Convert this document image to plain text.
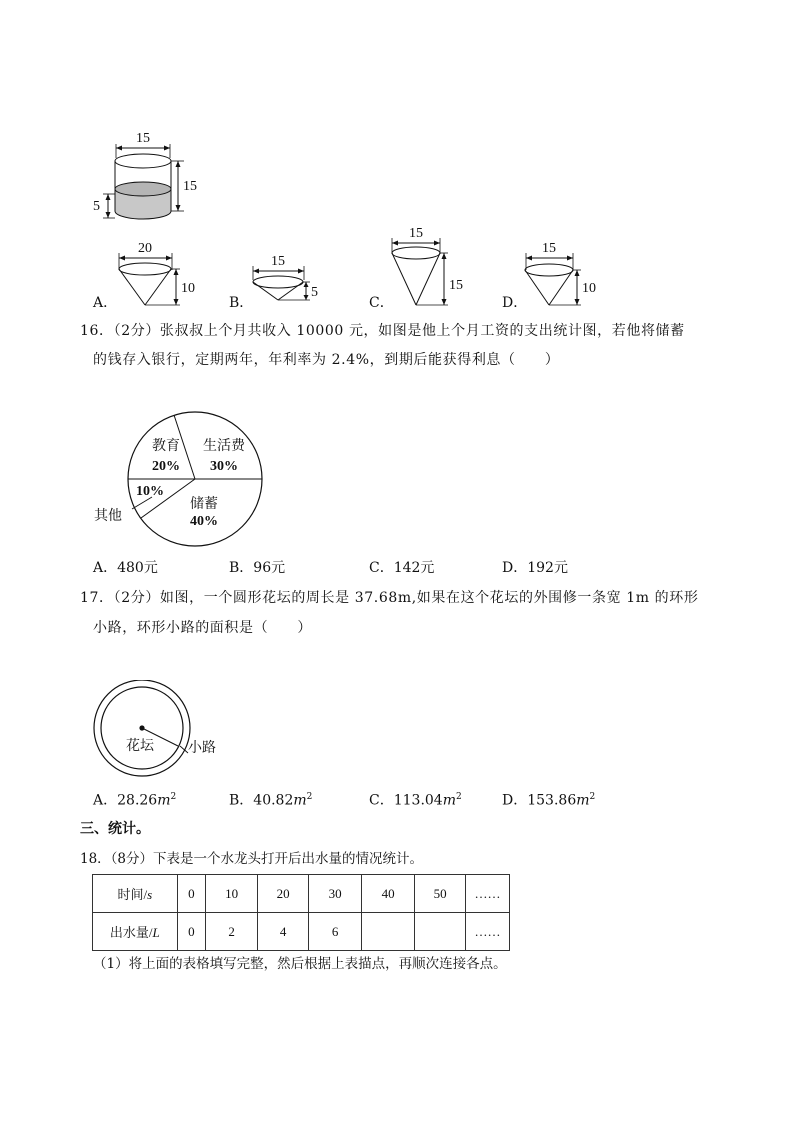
15
15
5
20
10
15
5
15
15
15
10
A．	B．	C．	D．
16．（2分）张叔叔上个月共收入 10000 元，如图是他上个月工资的支出统计图，若他将储蓄
的钱存入银行，定期两年，年利率为 2.4%，到期后能获得利息（　　）
教育
20%
生活费
30%
10%
储蓄
40%
其他
A．480元	B．96元	C．142元	D．192元
17．（2分）如图，一个圆形花坛的周长是 37.68m,如果在这个花坛的外围修一条宽 1m 的环形
小路，环形小路的面积是（　　）
花坛 小路
A．$28.26m^2$	B．$40.82m^2$	C．$113.04m^2$	D．$153.86m^2$
三、统计。
18．（8分）下表是一个水龙头打开后出水量的情况统计。
时间/s	0	10	20	30	40	50	……
出水量/L	0	2	4	6			……
（1）将上面的表格填写完整，然后根据上表描点，再顺次连接各点。
